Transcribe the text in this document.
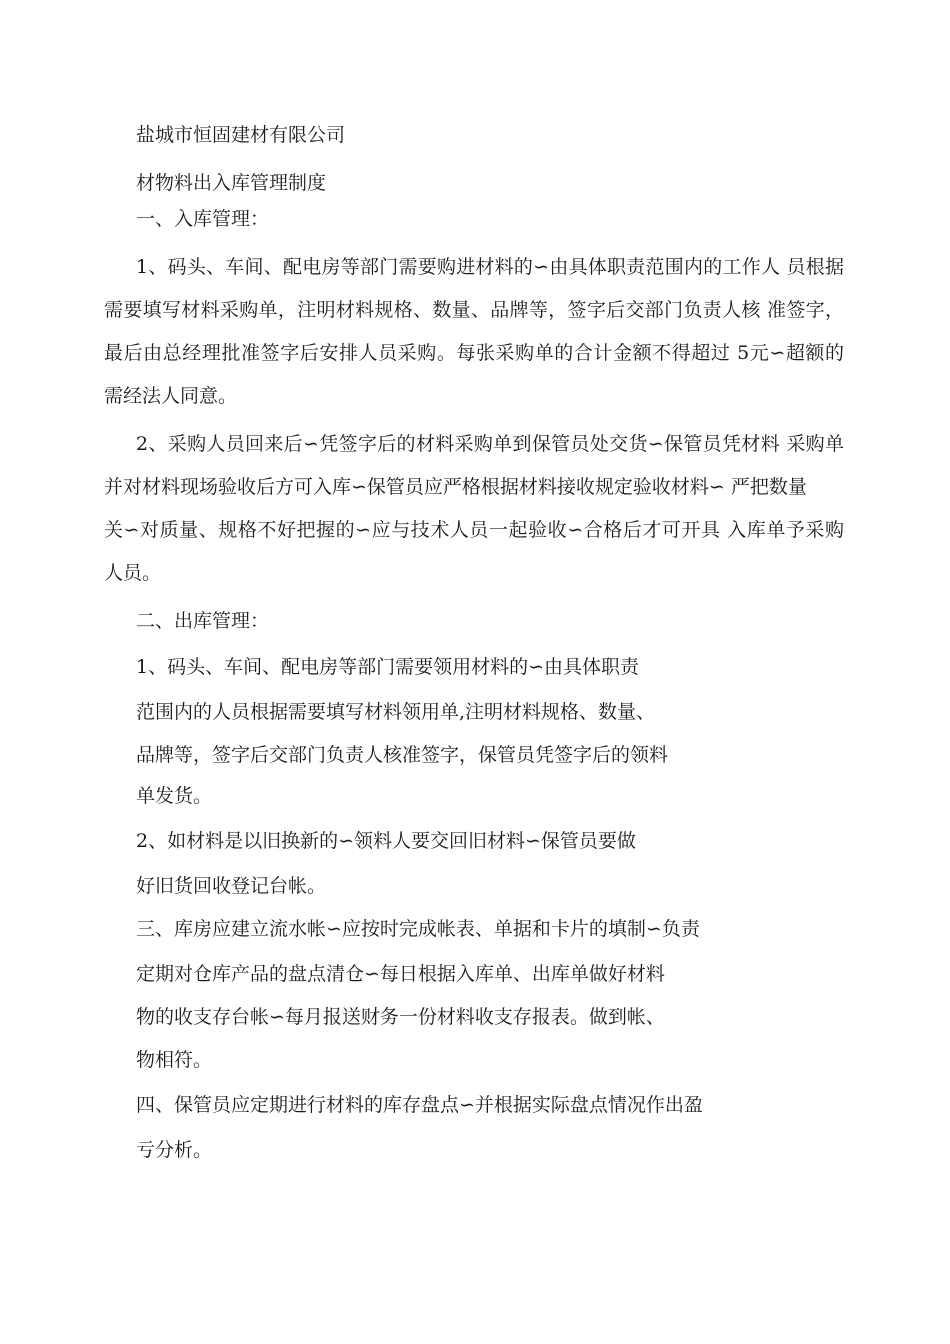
盐城市恒固建材有限公司

材物料出入库管理制度

一、入库管理：

1、码头、车间、配电房等部门需要购进材料的∽由具体职责范围内的工作人 员根据

需要填写材料采购单，注明材料规格、数量、品牌等，签字后交部门负责人核 准签字，

最后由总经理批准签字后安排人员采购。每张采购单的合计金额不得超过 5元∽超额的

需经法人同意。

2、采购人员回来后∽凭签字后的材料采购单到保管员处交货∽保管员凭材料 采购单

并对材料现场验收后方可入库∽保管员应严格根据材料接收规定验收材料∽ 严把数量

关∽对质量、规格不好把握的∽应与技术人员一起验收∽合格后才可开具 入库单予采购

人员。

二、出库管理：

1、码头、车间、配电房等部门需要领用材料的∽由具体职责

范围内的人员根据需要填写材料领用单,注明材料规格、数量、

品牌等，签字后交部门负责人核准签字，保管员凭签字后的领料

单发货。

2、如材料是以旧换新的∽领料人要交回旧材料∽保管员要做

好旧货回收登记台帐。

三、库房应建立流水帐∽应按时完成帐表、单据和卡片的填制∽负责

定期对仓库产品的盘点清仓∽每日根据入库单、出库单做好材料

物的收支存台帐∽每月报送财务一份材料收支存报表。做到帐、

物相符。

四、保管员应定期进行材料的库存盘点∽并根据实际盘点情况作出盈

亏分析。
